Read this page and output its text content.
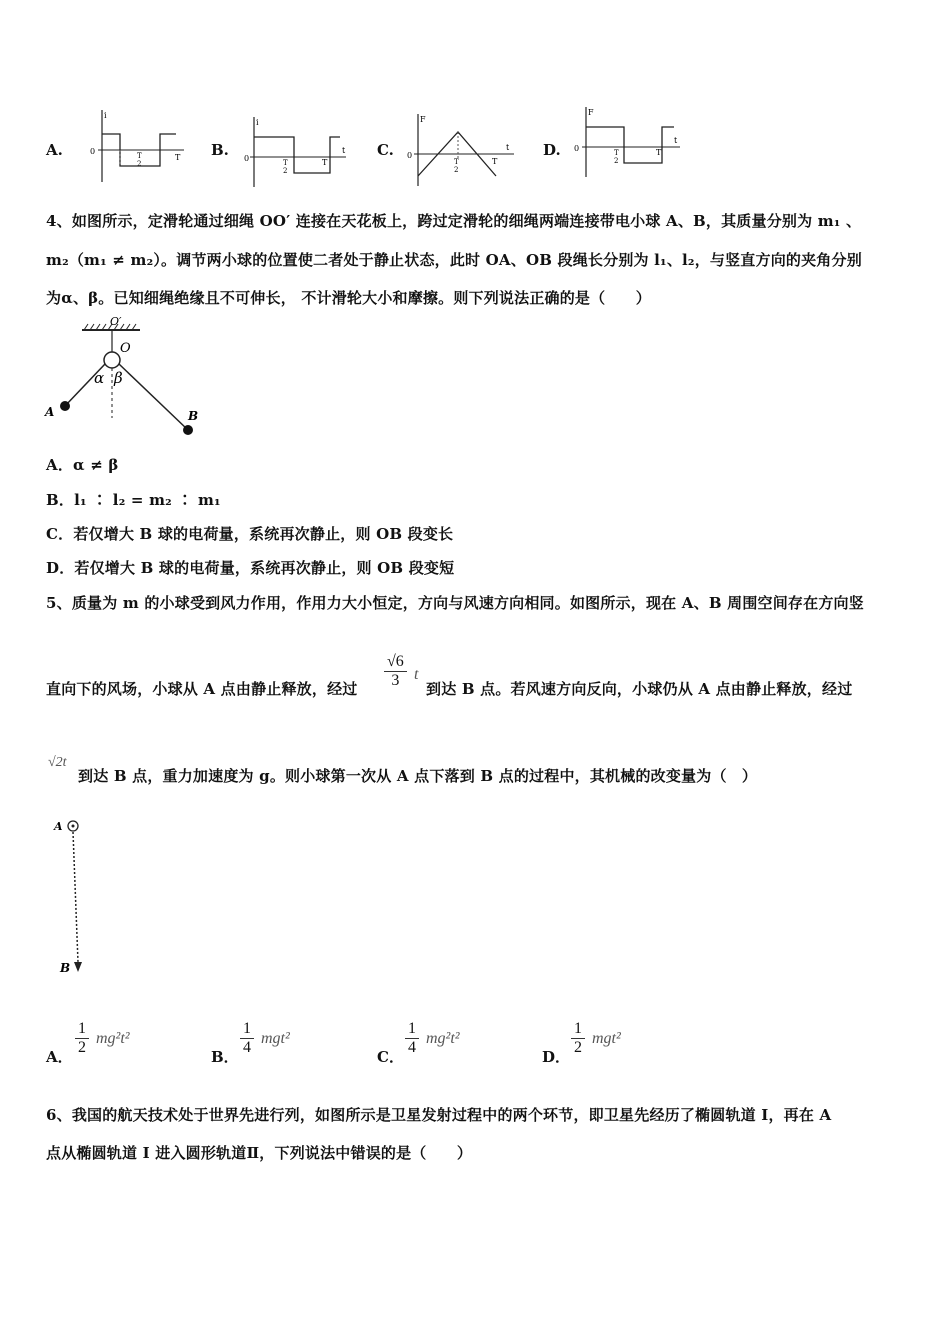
A.
i
0	T
2
T B.
i
0	T
2
T
t C.
F
0
T
2
T
t D.
F
0	T
2
T
t
4、如图所示，定滑轮通过细绳 OO′ 连接在天花板上，跨过定滑轮的细绳两端连接带电小球 A、B，其质量分别为 m₁ 、
m₂（m₁ ≠ m₂）。调节两小球的位置使二者处于静止状态，此时 OA、OB 段绳长分别为 l₁、l₂，与竖直方向的夹角分别
为α、β。已知细绳绝缘且不可伸长， 不计滑轮大小和摩擦。则下列说法正确的是（　　）
O′
O
α β
A	B
A．α ≠ β
B．l₁ ∶ l₂ = m₂ ∶ m₁
C．若仅增大 B 球的电荷量，系统再次静止，则 OB 段变长
D．若仅增大 B 球的电荷量，系统再次静止，则 OB 段变短
5、质量为 m 的小球受到风力作用，作用力大小恒定，方向与风速方向相同。如图所示，现在 A、B 周围空间存在方向竖
直向下的风场，小球从 A 点由静止释放，经过 $\frac{√6}{3}$ t
到达 B 点。若风速方向反向，小球仍从 A 点由静止释放，经过
√2t
到达 B 点，重力加速度为 g。则小球第一次从 A 点下落到 B 点的过程中，其机械的改变量为（　）
A
B
A． $\frac{1}{2} mg^2t^2$
B． $\frac{1}{4} mgt^2$
C． $\frac{1}{4} mg^2t^2$
D． $\frac{1}{2} mgt^2$
6、我国的航天技术处于世界先进行列，如图所示是卫星发射过程中的两个环节，即卫星先经历了椭圆轨道 I，再在 A
点从椭圆轨道 I 进入圆形轨道Ⅱ，下列说法中错误的是（　　）
